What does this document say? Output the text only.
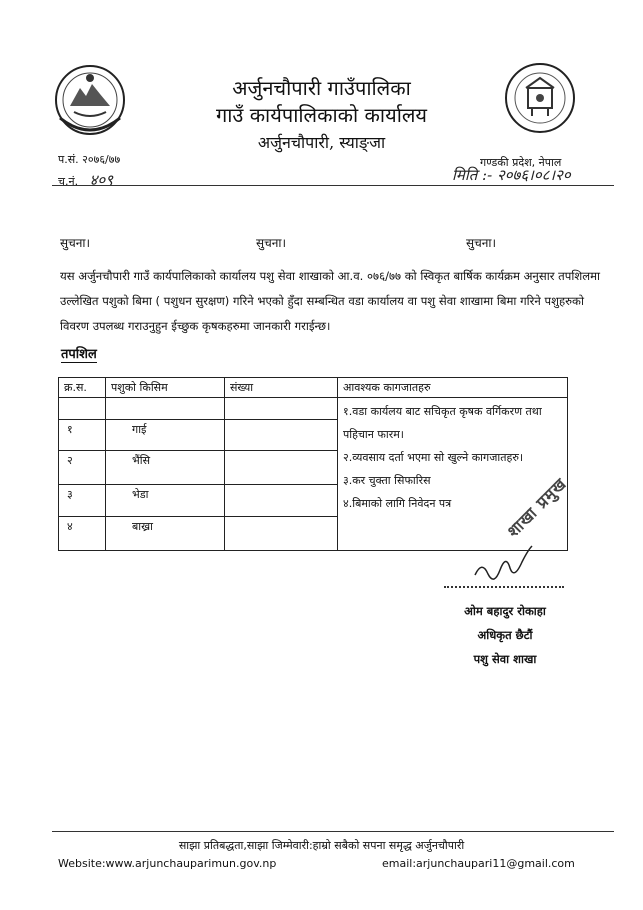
अर्जुनचौपारी गाउँपालिका
गाउँ कार्यपालिकाको कार्यालय
अर्जुनचौपारी, स्याङ्जा
प.सं. २०७६/७७
च.नं. ४०९
गण्डकी प्रदेश, नेपाल
मिति :- २०७६।०८।२०
सुचना।	सुचना।	सुचना।
यस अर्जुनचौपारी गाउँ कार्यपालिकाको कार्यालय पशु सेवा शाखाको आ.व. ०७६/७७ को स्विकृत बार्षिक कार्यक्रम अनुसार तपशिलमा उल्लेखित पशुको बिमा ( पशुधन सुरक्षण) गरिने भएको हुँदा सम्बन्धित वडा कार्यालय वा पशु सेवा शाखामा बिमा गरिने पशुहरुको विवरण उपलब्ध गराउनुहुन ईच्छुक कृषकहरुमा जानकारी गराईन्छ।
तपशिल
क्र.स.	पशुको किसिम	संख्या	आवश्यक कागजातहरु

			१.वडा कार्यलय बाट सचिकृत कृषक वर्गिकरण तथा पहिचान फारम।
२.व्यवसाय दर्ता भएमा सो खुल्ने कागजातहरु।
३.कर चुक्ता सिफारिस
४.बिमाको लागि निवेदन पत्र

१	गाई		
२	भैंसि		
३	भेडा		
४	बाख्रा			शाखा प्रमुख
ओम बहादुर रोकाहा
अधिकृत छैटौं
पशु सेवा शाखा
साझा प्रतिबद्धता,साझा जिम्मेवारी:हाम्रो सबैको सपना समृद्ध अर्जुनचौपारी
Website:www.arjunchauparimun.gov.np	email:arjunchaupari11@gmail.com
